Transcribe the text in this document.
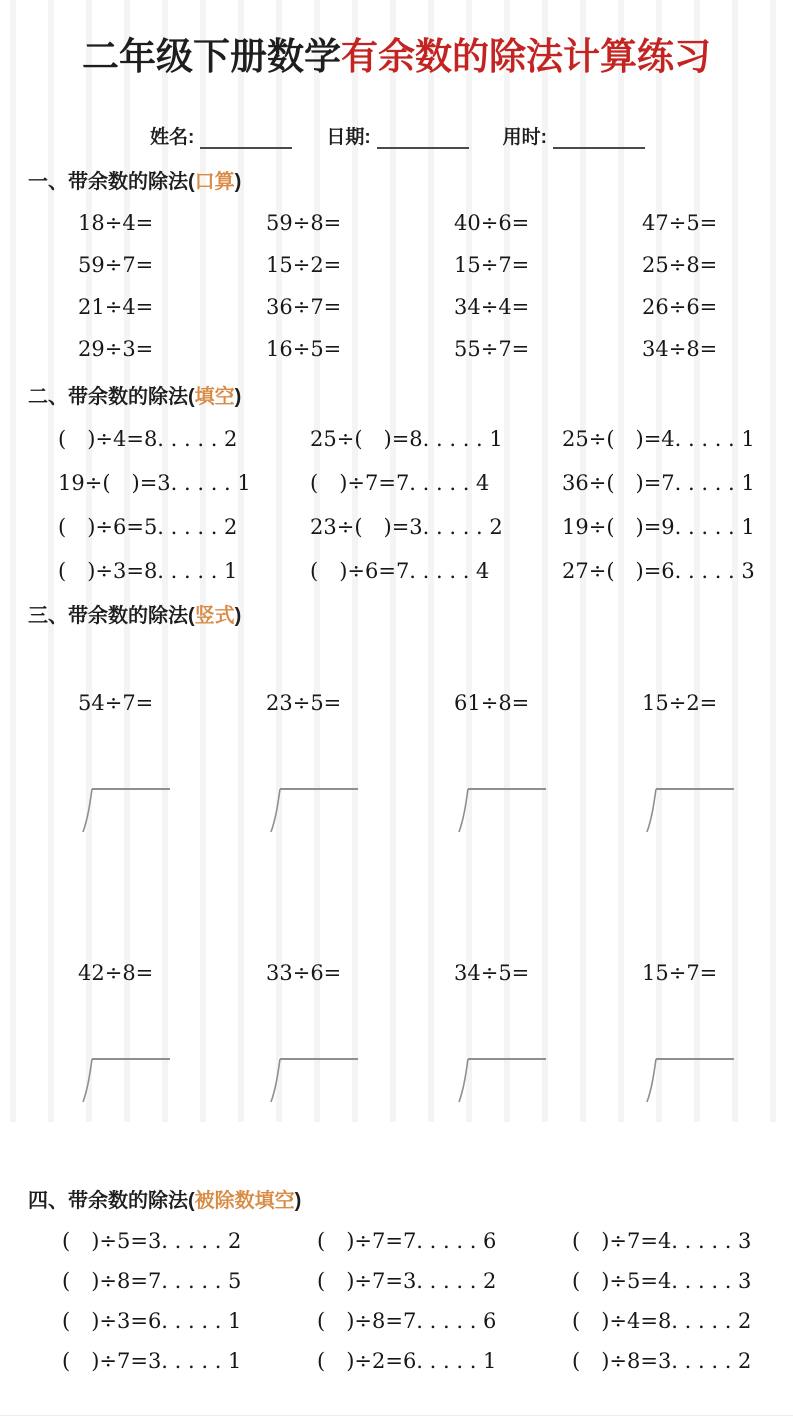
二年级下册数学有余数的除法计算练习
姓名:	日期:	用时:
一、带余数的除法(口算)
18÷4=	59÷8=	40÷6=	47÷5=
59÷7=	15÷2=	15÷7=	25÷8=
21÷4=	36÷7=	34÷4=	26÷6=
29÷3=	16÷5=	55÷7=	34÷8=
二、带余数的除法(填空)
(　)÷4=8. . . . . 2	25÷(　)=8. . . . . 1	25÷(　)=4. . . . . 1
19÷(　)=3. . . . . 1	(　)÷7=7. . . . . 4	36÷(　)=7. . . . . 1
(　)÷6=5. . . . . 2	23÷(　)=3. . . . . 2	19÷(　)=9. . . . . 1
(　)÷3=8. . . . . 1	(　)÷6=7. . . . . 4	27÷(　)=6. . . . . 3
三、带余数的除法(竖式)

54÷7=

	23÷5=

	61÷8=

	15÷2=

42÷8=

	33÷6=

	34÷5=

	15÷7=

四、带余数的除法(被除数填空)
(　)÷5=3. . . . . 2	(　)÷7=7. . . . . 6	(　)÷7=4. . . . . 3
(　)÷8=7. . . . . 5	(　)÷7=3. . . . . 2	(　)÷5=4. . . . . 3
(　)÷3=6. . . . . 1	(　)÷8=7. . . . . 6	(　)÷4=8. . . . . 2
(　)÷7=3. . . . . 1	(　)÷2=6. . . . . 1	(　)÷8=3. . . . . 2
